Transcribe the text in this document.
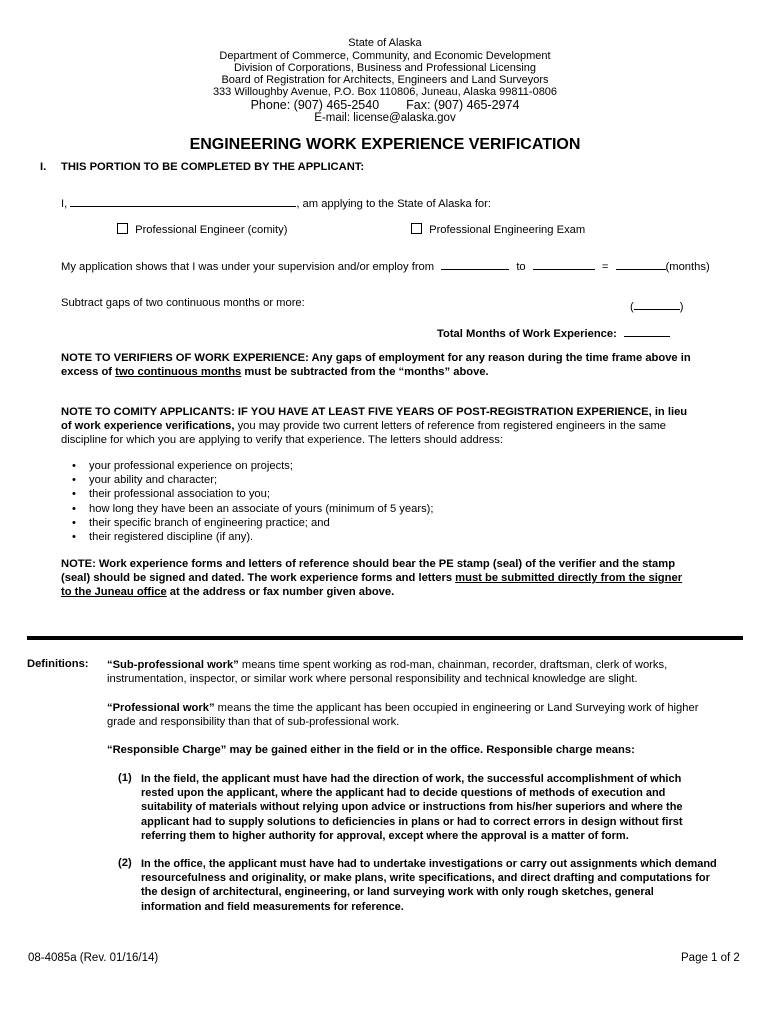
State of Alaska
Department of Commerce, Community, and Economic Development
Division of Corporations, Business and Professional Licensing
Board of Registration for Architects, Engineers and Land Surveyors
333 Willoughby Avenue, P.O. Box 110806, Juneau, Alaska 99811-0806
Phone: (907) 465-2540 Fax: (907) 465-2974
E-mail: license@alaska.gov
ENGINEERING WORK EXPERIENCE VERIFICATION
I. THIS PORTION TO BE COMPLETED BY THE APPLICANT:
I,	, am applying to the State of Alaska for:
Professional Engineer (comity)	Professional Engineering Exam
My application shows that I was under your supervision and/or employ from	to	=	(months)
Subtract gaps of two continuous months or more:	(	)
Total Months of Work Experience:
NOTE TO VERIFIERS OF WORK EXPERIENCE: Any gaps of employment for any reason during the time frame above in
excess of two continuous months must be subtracted from the “months” above.
NOTE TO COMITY APPLICANTS: IF YOU HAVE AT LEAST FIVE YEARS OF POST-REGISTRATION EXPERIENCE, in lieu
of work experience verifications, you may provide two current letters of reference from registered engineers in the same
discipline for which you are applying to verify that experience. The letters should address:
• your professional experience on projects;
• your ability and character;
• their professional association to you;
• how long they have been an associate of yours (minimum of 5 years);
• their specific branch of engineering practice; and
• their registered discipline (if any).
NOTE: Work experience forms and letters of reference should bear the PE stamp (seal) of the verifier and the stamp
(seal) should be signed and dated. The work experience forms and letters must be submitted directly from the signer
to the Juneau office at the address or fax number given above.
Definitions: “Sub-professional work” means time spent working as rod-man, chainman, recorder, draftsman, clerk of works,
instrumentation, inspector, or similar work where personal responsibility and technical knowledge are slight.
“Professional work” means the time the applicant has been occupied in engineering or Land Surveying work of higher
grade and responsibility than that of sub-professional work.
“Responsible Charge” may be gained either in the field or in the office. Responsible charge means:
(1) In the field, the applicant must have had the direction of work, the successful accomplishment of which
rested upon the applicant, where the applicant had to decide questions of methods of execution and
suitability of materials without relying upon advice or instructions from his/her superiors and where the
applicant had to supply solutions to deficiencies in plans or had to correct errors in design without first
referring them to higher authority for approval, except where the approval is a matter of form.
(2) In the office, the applicant must have had to undertake investigations or carry out assignments which demand
resourcefulness and originality, or make plans, write specifications, and direct drafting and computations for
the design of architectural, engineering, or land surveying work with only rough sketches, general
information and field measurements for reference.
08-4085a (Rev. 01/16/14)	Page 1 of 2
